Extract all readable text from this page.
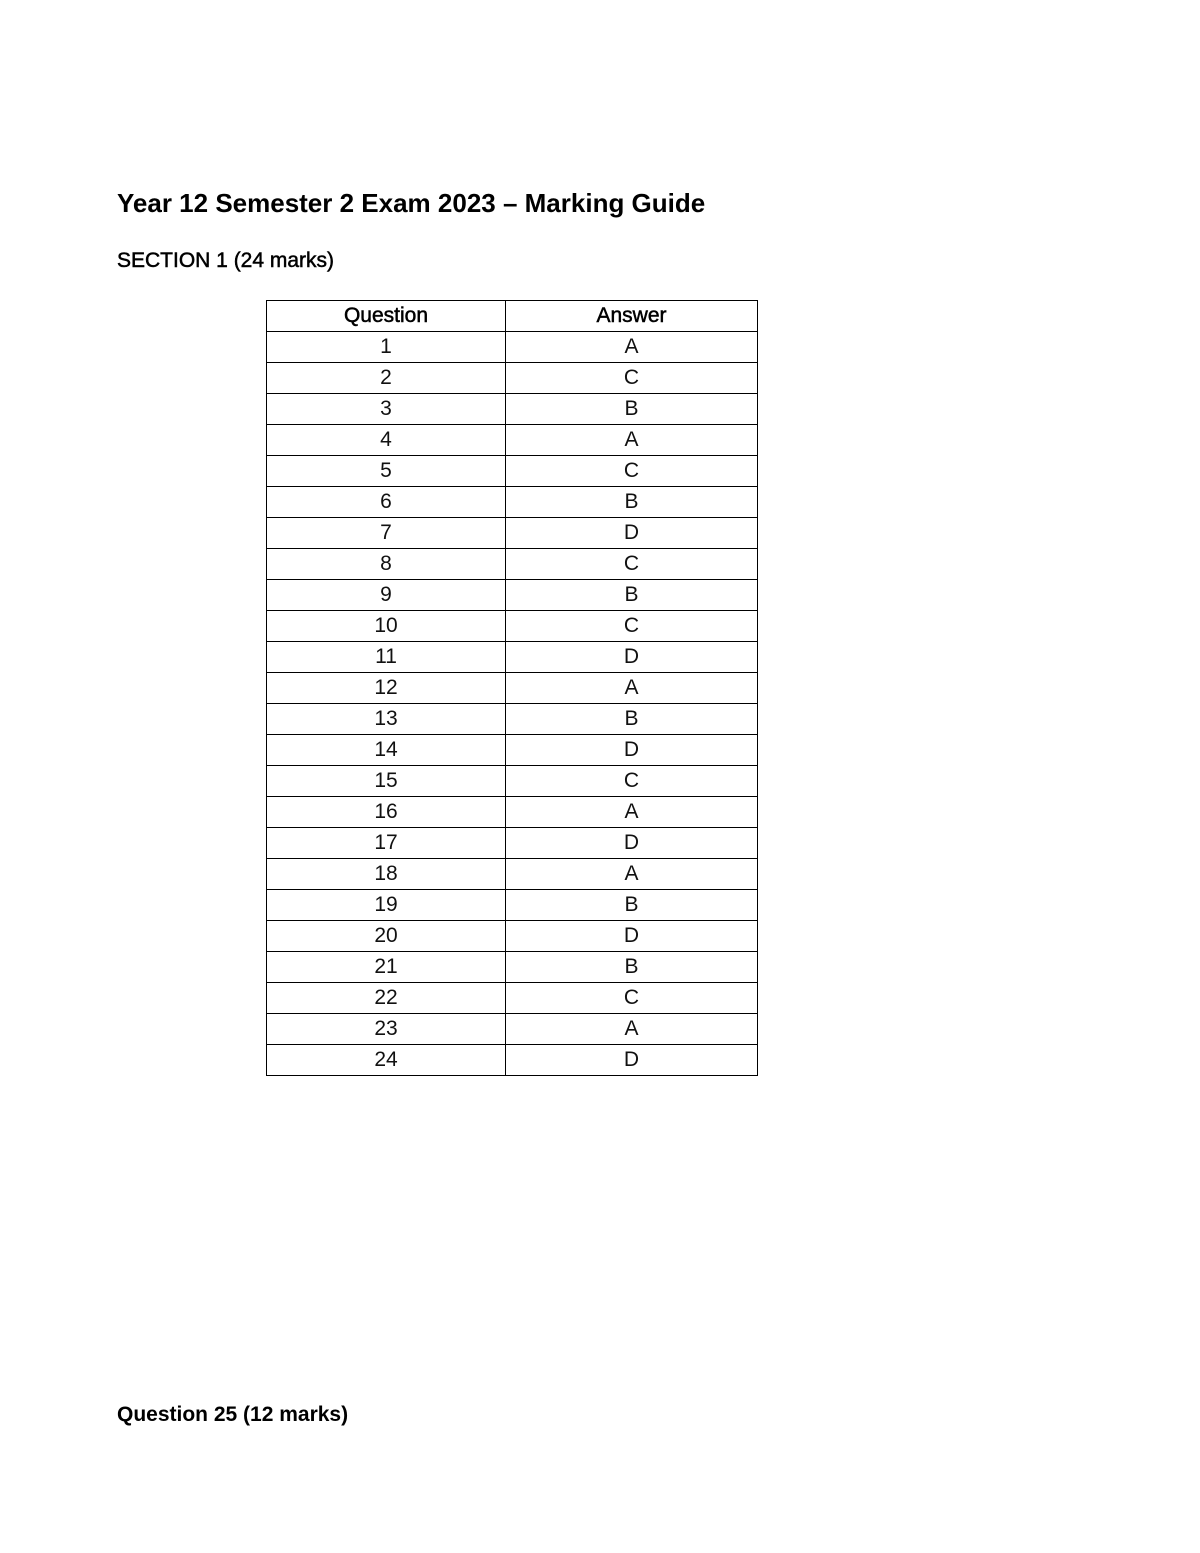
Year 12 Semester 2 Exam 2023 – Marking Guide
SECTION 1 (24 marks)
Question	Answer
1	A
2	C
3	B
4	A
5	C
6	B
7	D
8	C
9	B
10	C
11	D
12	A
13	B
14	D
15	C
16	A
17	D
18	A
19	B
20	D
21	B
22	C
23	A
24	D
Question 25 (12 marks)
